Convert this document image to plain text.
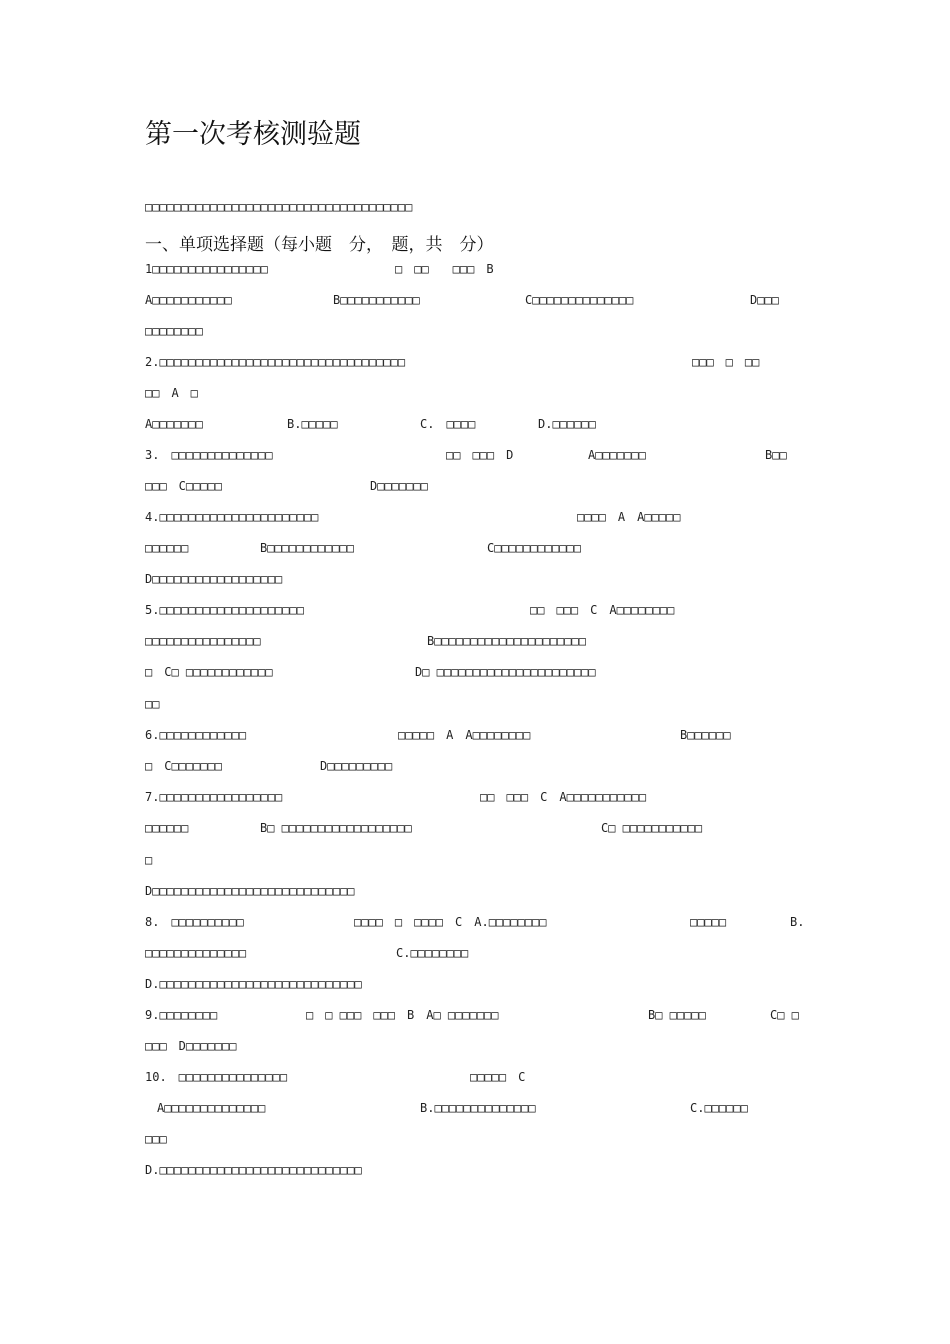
第一次考核测验题
一、单项选择题（每小题　分，　题，共　分）
□□□□□□□□□□□□□□□□□□□□□□□□□□□□□□□□□□□□□
1□□□□□□□□□□□□□□□□	□　□□　　□□□　B
A□□□□□□□□□□□	B□□□□□□□□□□□	C□□□□□□□□□□□□□□	D□□□
□□□□□□□□
2.□□□□□□□□□□□□□□□□□□□□□□□□□□□□□□□□□□	□□□　□　□□
□□　A　□
A□□□□□□□	B.□□□□□	C.　□□□□	D.□□□□□□
3.　□□□□□□□□□□□□□□	□□　□□□　D	A□□□□□□□	B□□
□□□　C□□□□□	D□□□□□□□
4.□□□□□□□□□□□□□□□□□□□□□□	□□□□　A　A□□□□□
□□□□□□	B□□□□□□□□□□□□	C□□□□□□□□□□□□
D□□□□□□□□□□□□□□□□□□
5.□□□□□□□□□□□□□□□□□□□□	□□　□□□　C　A□□□□□□□□
□□□□□□□□□□□□□□□□	B□□□□□□□□□□□□□□□□□□□□□
□　C□ □□□□□□□□□□□□	D□ □□□□□□□□□□□□□□□□□□□□□□
□□
6.□□□□□□□□□□□□	□□□□□　A　A□□□□□□□□	B□□□□□□
□　C□□□□□□□	D□□□□□□□□□
7.□□□□□□□□□□□□□□□□□	□□　□□□　C　A□□□□□□□□□□□
□□□□□□	B□ □□□□□□□□□□□□□□□□□□	C□ □□□□□□□□□□□
□
D□□□□□□□□□□□□□□□□□□□□□□□□□□□□
8.　□□□□□□□□□□	□□□□　□　□□□□　C　A.□□□□□□□□	□□□□□	B.
□□□□□□□□□□□□□□	C.□□□□□□□□
D.□□□□□□□□□□□□□□□□□□□□□□□□□□□□
9.□□□□□□□□	□　□ □□□　□□□　B　A□ □□□□□□□	B□ □□□□□	C□ □
□□□　D□□□□□□□
10.　□□□□□□□□□□□□□□□	□□□□□　C
　A□□□□□□□□□□□□□□	B.□□□□□□□□□□□□□□	C.□□□□□□
□□□
D.□□□□□□□□□□□□□□□□□□□□□□□□□□□□
